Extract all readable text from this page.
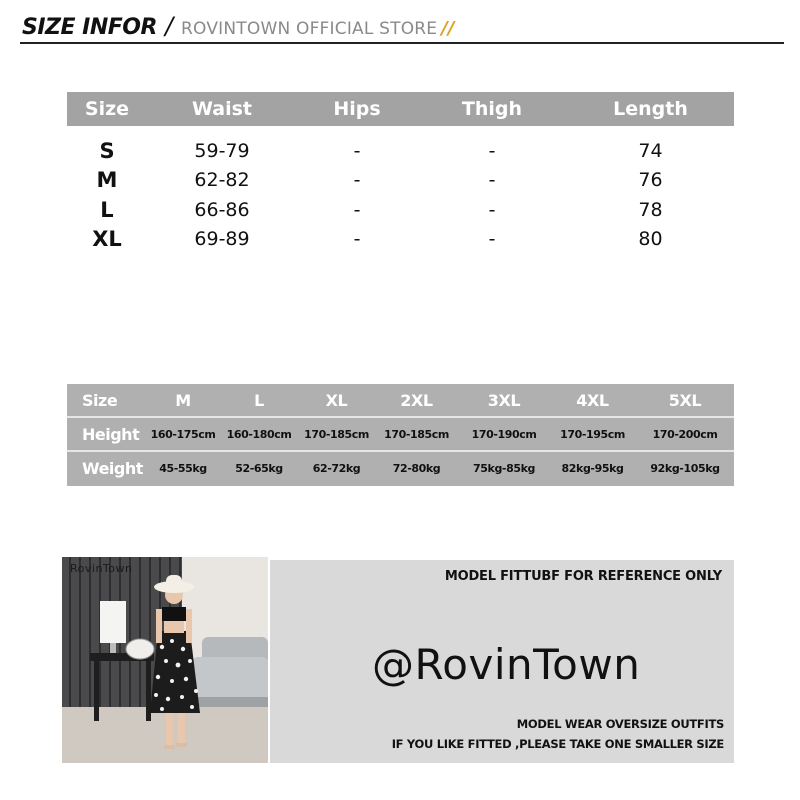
SIZE INFOR / ROVINTOWN OFFICIAL STORE //
Size	Waist	Hips	Thigh	Length
S	59-79	-	-	74
M	62-82	-	-	76
L	66-86	-	-	78
XL	69-89	-	-	80
Size	M	L	XL	2XL	3XL	4XL	5XL
Height	160-175cm	160-180cm	170-185cm	170-185cm	170-190cm	170-195cm	170-200cm
Weight	45-55kg	52-65kg	62-72kg	72-80kg	75kg-85kg	82kg-95kg	92kg-105kg
RovinTown
MODEL FITTUBF FOR REFERENCE ONLY
@RovinTown
MODEL WEAR OVERSIZE OUTFITS
IF YOU LIKE FITTED ,PLEASE TAKE ONE SMALLER SIZE
